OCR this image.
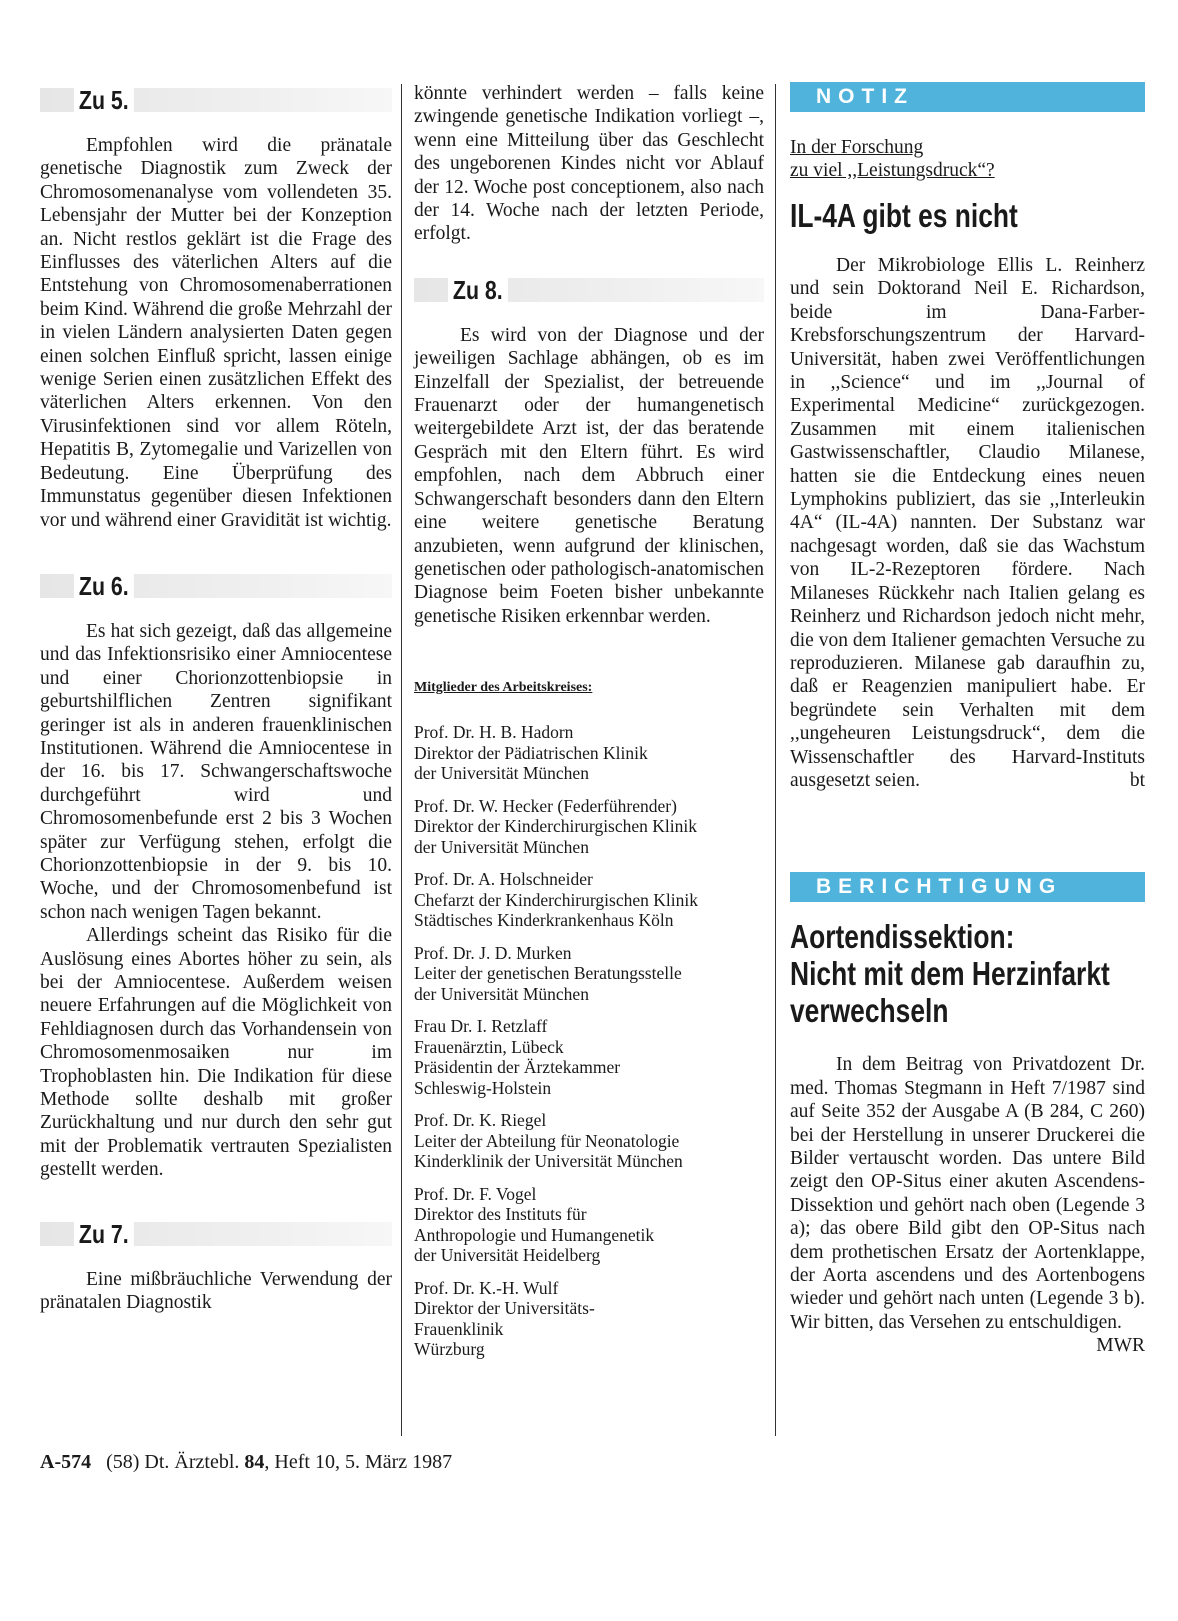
Zu 5.

Empfohlen wird die pränatale genetische Diagnostik zum Zweck der Chromosomenanalyse vom vollendeten 35. Lebensjahr der Mutter bei der Konzeption an. Nicht restlos geklärt ist die Frage des Einflusses des väterlichen Alters auf die Entstehung von Chromosomenaberrationen beim Kind. Während die große Mehrzahl der in vielen Ländern analysierten Daten gegen einen solchen Einfluß spricht, lassen einige wenige Serien einen zusätzlichen Effekt des väterlichen Alters erkennen. Von den Virusinfektionen sind vor allem Röteln, Hepatitis B, Zytomegalie und Varizellen von Bedeutung. Eine Überprüfung des Immunstatus gegenüber diesen Infektionen vor und während einer Gravidität ist wichtig.

Zu 6.

Es hat sich gezeigt, daß das allgemeine und das Infektionsrisiko einer Amniocentese und einer Chorionzottenbiopsie in geburtshilflichen Zentren signifikant geringer ist als in anderen frauenklinischen Institutionen. Während die Amniocentese in der 16. bis 17. Schwangerschaftswoche durchgeführt wird und Chromosomenbefunde erst 2 bis 3 Wochen später zur Verfügung stehen, erfolgt die Chorionzottenbiopsie in der 9. bis 10. Woche, und der Chromosomenbefund ist schon nach wenigen Tagen bekannt.

Allerdings scheint das Risiko für die Auslösung eines Abortes höher zu sein, als bei der Amniocentese. Außerdem weisen neuere Erfahrungen auf die Möglichkeit von Fehldiagnosen durch das Vorhandensein von Chromosomenmosaiken nur im Trophoblasten hin. Die Indikation für diese Methode sollte deshalb mit großer Zurückhaltung und nur durch den sehr gut mit der Problematik vertrauten Spezialisten gestellt werden.

Zu 7.

Eine mißbräuchliche Verwendung der pränatalen Diagnostik

könnte verhindert werden – falls keine zwingende genetische Indikation vorliegt –, wenn eine Mitteilung über das Geschlecht des ungeborenen Kindes nicht vor Ablauf der 12. Woche post conceptionem, also nach der 14. Woche nach der letzten Periode, erfolgt.

Zu 8.

Es wird von der Diagnose und der jeweiligen Sachlage abhängen, ob es im Einzelfall der Spezialist, der betreuende Frauenarzt oder der humangenetisch weitergebildete Arzt ist, der das beratende Gespräch mit den Eltern führt. Es wird empfohlen, nach dem Abbruch einer Schwangerschaft besonders dann den Eltern eine weitere genetische Beratung anzubieten, wenn aufgrund der klinischen, genetischen oder pathologisch-anatomischen Diagnose beim Foeten bisher unbekannte genetische Risiken erkennbar werden.

Mitglieder des Arbeitskreises:
Prof. Dr. H. B. Hadorn
Direktor der Pädiatrischen Klinik
der Universität München
Prof. Dr. W. Hecker (Federführender)
Direktor der Kinderchirurgischen Klinik
der Universität München
Prof. Dr. A. Holschneider
Chefarzt der Kinderchirurgischen Klinik
Städtisches Kinderkrankenhaus Köln
Prof. Dr. J. D. Murken
Leiter der genetischen Beratungsstelle
der Universität München
Frau Dr. I. Retzlaff
Frauenärztin, Lübeck
Präsidentin der Ärztekammer
Schleswig-Holstein
Prof. Dr. K. Riegel
Leiter der Abteilung für Neonatologie
Kinderklinik der Universität München
Prof. Dr. F. Vogel
Direktor des Instituts für
Anthropologie und Humangenetik
der Universität Heidelberg
Prof. Dr. K.-H. Wulf
Direktor der Universitäts-
Frauenklinik
Würzburg
NOTIZ
In der Forschung
zu viel ,,Leistungsdruck“?
IL-4A gibt es nicht

Der Mikrobiologe Ellis L. Reinherz und sein Doktorand Neil E. Richardson, beide im Dana-Farber-Krebsforschungszentrum der Harvard-Universität, haben zwei Veröffentlichungen in ,,Science“ und im ,,Journal of Experimental Medicine“ zurückgezogen. Zusammen mit einem italienischen Gastwissenschaftler, Claudio Milanese, hatten sie die Entdeckung eines neuen Lymphokins publiziert, das sie ,,Interleukin 4A“ (IL-4A) nannten. Der Substanz war nachgesagt worden, daß sie das Wachstum von IL-2-Rezeptoren fördere. Nach Milaneses Rückkehr nach Italien gelang es Reinherz und Richardson jedoch nicht mehr, die von dem Italiener gemachten Versuche zu reproduzieren. Milanese gab daraufhin zu, daß er Reagenzien manipuliert habe. Er begründete sein Verhalten mit dem ,,ungeheuren Leistungsdruck“, dem die Wissenschaftler des Harvard-Instituts ausgesetzt seien.	bt

BERICHTIGUNG
Aortendissektion:
Nicht mit dem Herzinfarkt
verwechseln

In dem Beitrag von Privatdozent Dr. med. Thomas Stegmann in Heft 7/1987 sind auf Seite 352 der Ausgabe A (B 284, C 260) bei der Herstellung in unserer Druckerei die Bilder vertauscht worden. Das untere Bild zeigt den OP-Situs einer akuten Ascendens-Dissektion und gehört nach oben (Legende 3 a); das obere Bild gibt den OP-Situs nach dem prothetischen Ersatz der Aortenklappe, der Aorta ascendens und des Aortenbogens wieder und gehört nach unten (Legende 3 b). Wir bitten, das Versehen zu entschuldigen.
MWR

A-574 (58) Dt. Ärztebl. 84, Heft 10, 5. März 1987
